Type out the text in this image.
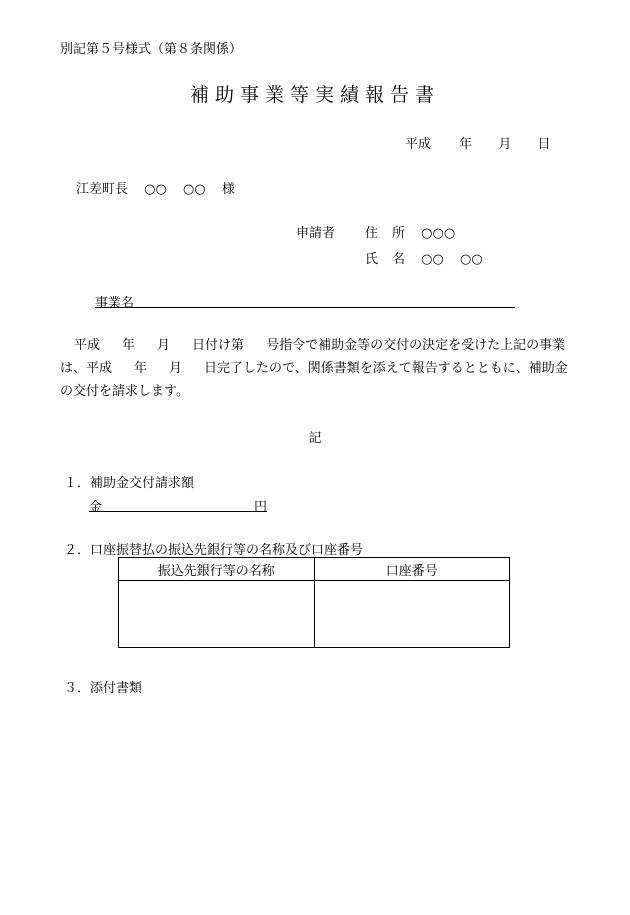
別記第５号様式（第８条関係）
補助事業等実績報告書
平成 年 月 日
江差町長 ○○ ○○ 様
申請者 住 所 ○○○
氏 名 ○○ ○○
事業名
平成 年 月 日付け第 号指令で補助金等の交付の決定を受けた上記の事業は、平成 年 月 日完了したので、関係書類を添えて報告するとともに、補助金の交付を請求します。
記
１．補助金交付請求額
金	円
２．口座振替払の振込先銀行等の名称及び口座番号
振込先銀行等の名称	口座番号

３．添付書類
